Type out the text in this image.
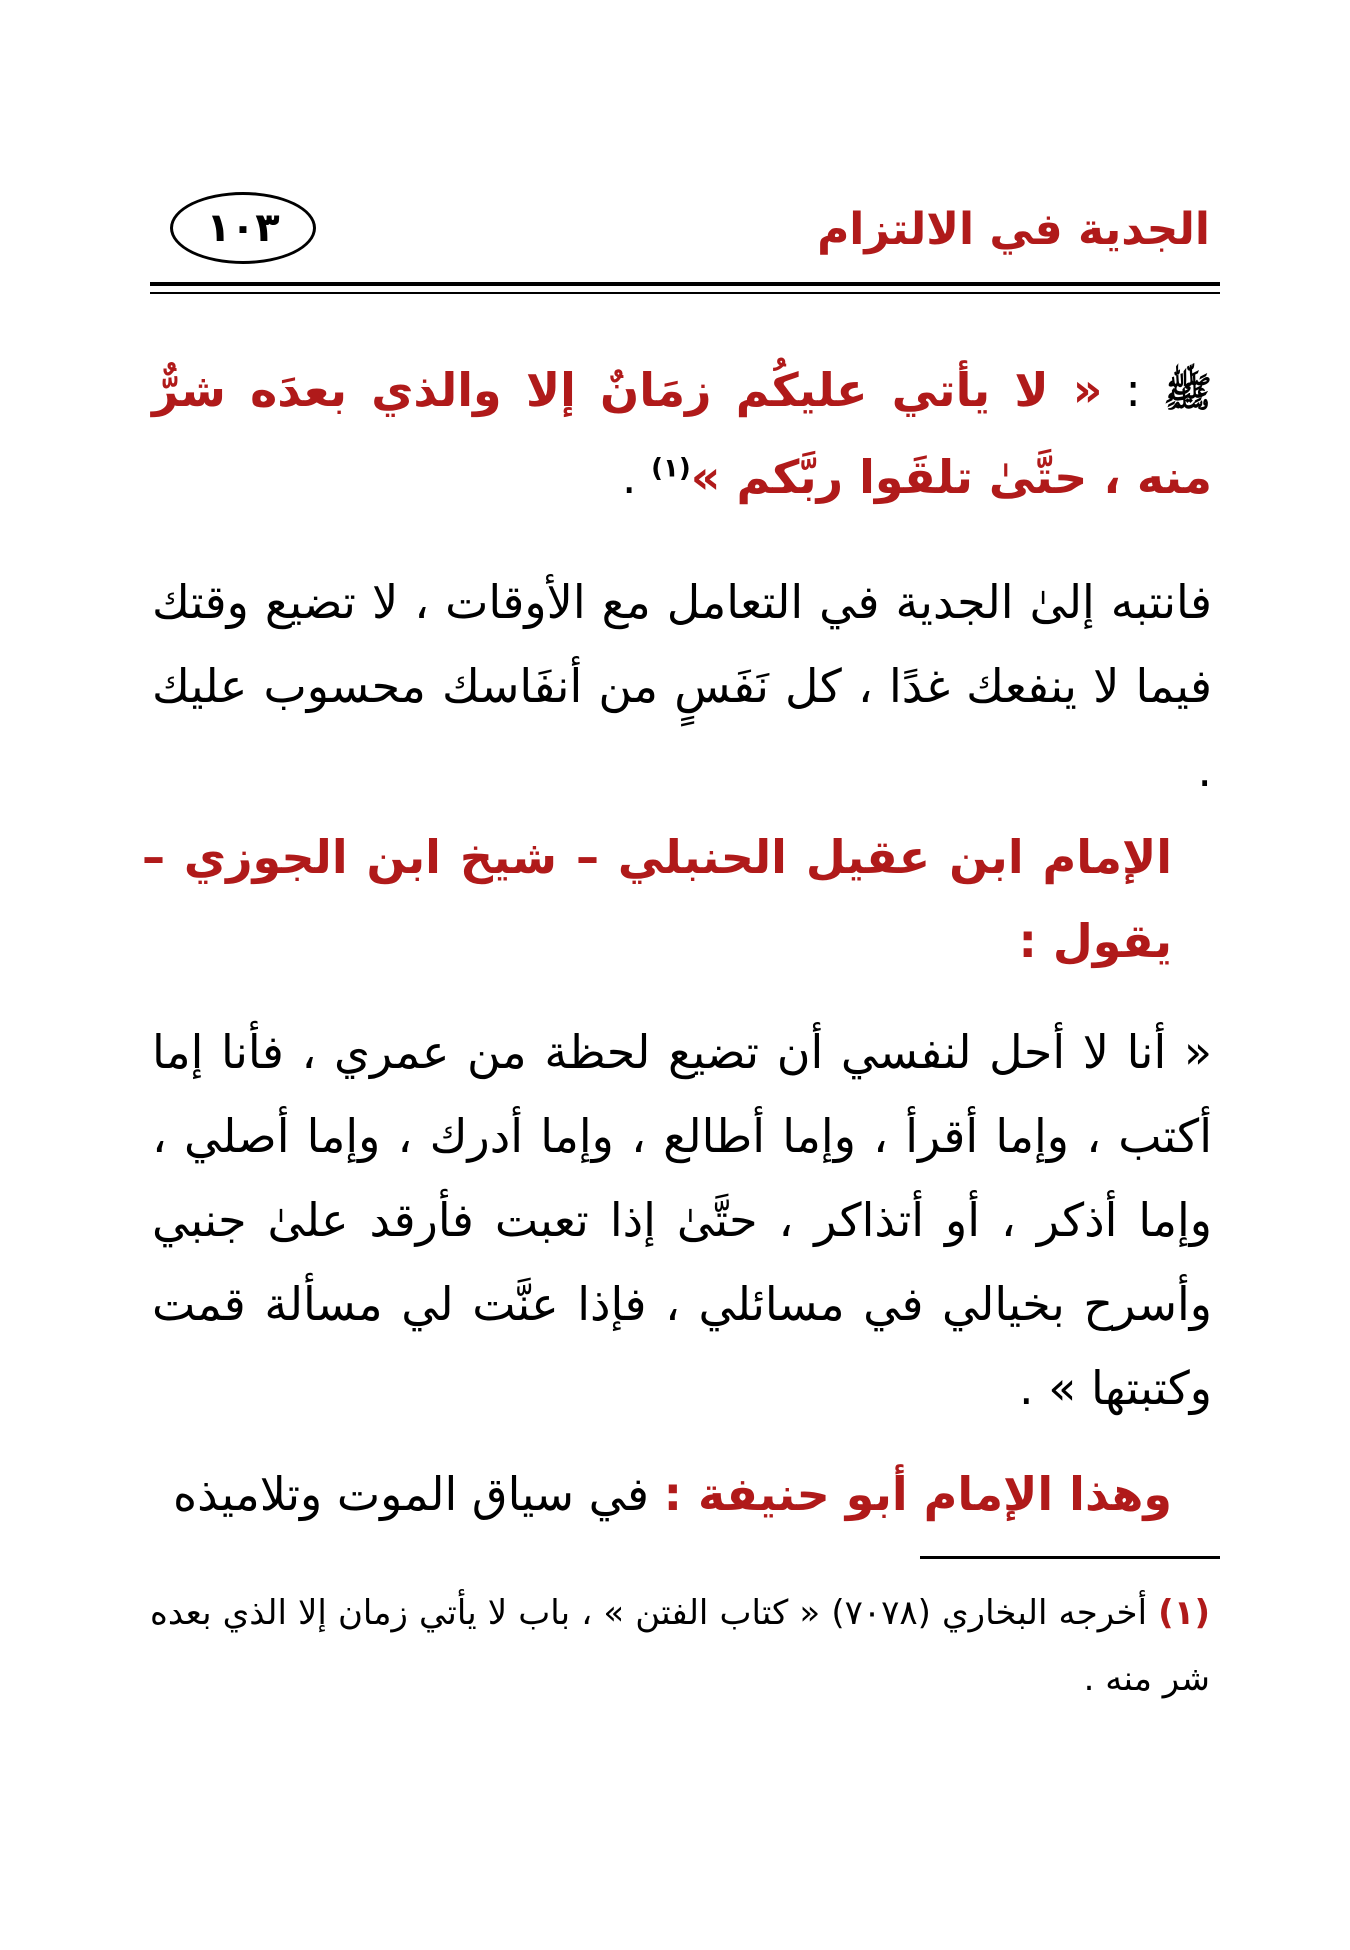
الجدية في الالتزام
١٠٣
ﷺ : « لا يأتي عليكُم زمَانٌ إلا والذي بعدَه شرٌّ منه ، حتَّىٰ تلقَوا ربَّكم »$^{(١)}$ .
فانتبه إلىٰ الجدية في التعامل مع الأوقات ، لا تضيع وقتك فيما لا ينفعك غدًا ، كل نَفَسٍ من أنفَاسك محسوب عليك .
الإمام ابن عقيل الحنبلي – شيخ ابن الجوزي – يقول :
« أنا لا أحل لنفسي أن تضيع لحظة من عمري ، فأنا إما أكتب ، وإما أقرأ ، وإما أطالع ، وإما أدرك ، وإما أصلي ، وإما أذكر ، أو أتذاكر ، حتَّىٰ إذا تعبت فأرقد علىٰ جنبي وأسرح بخيالي في مسائلي ، فإذا عنَّت لي مسألة قمت وكتبتها » .
وهذا الإمام أبو حنيفة : في سياق الموت وتلاميذه
(١) أخرجه البخاري (٧٠٧٨) « كتاب الفتن » ، باب لا يأتي زمان إلا الذي بعده شر منه .
